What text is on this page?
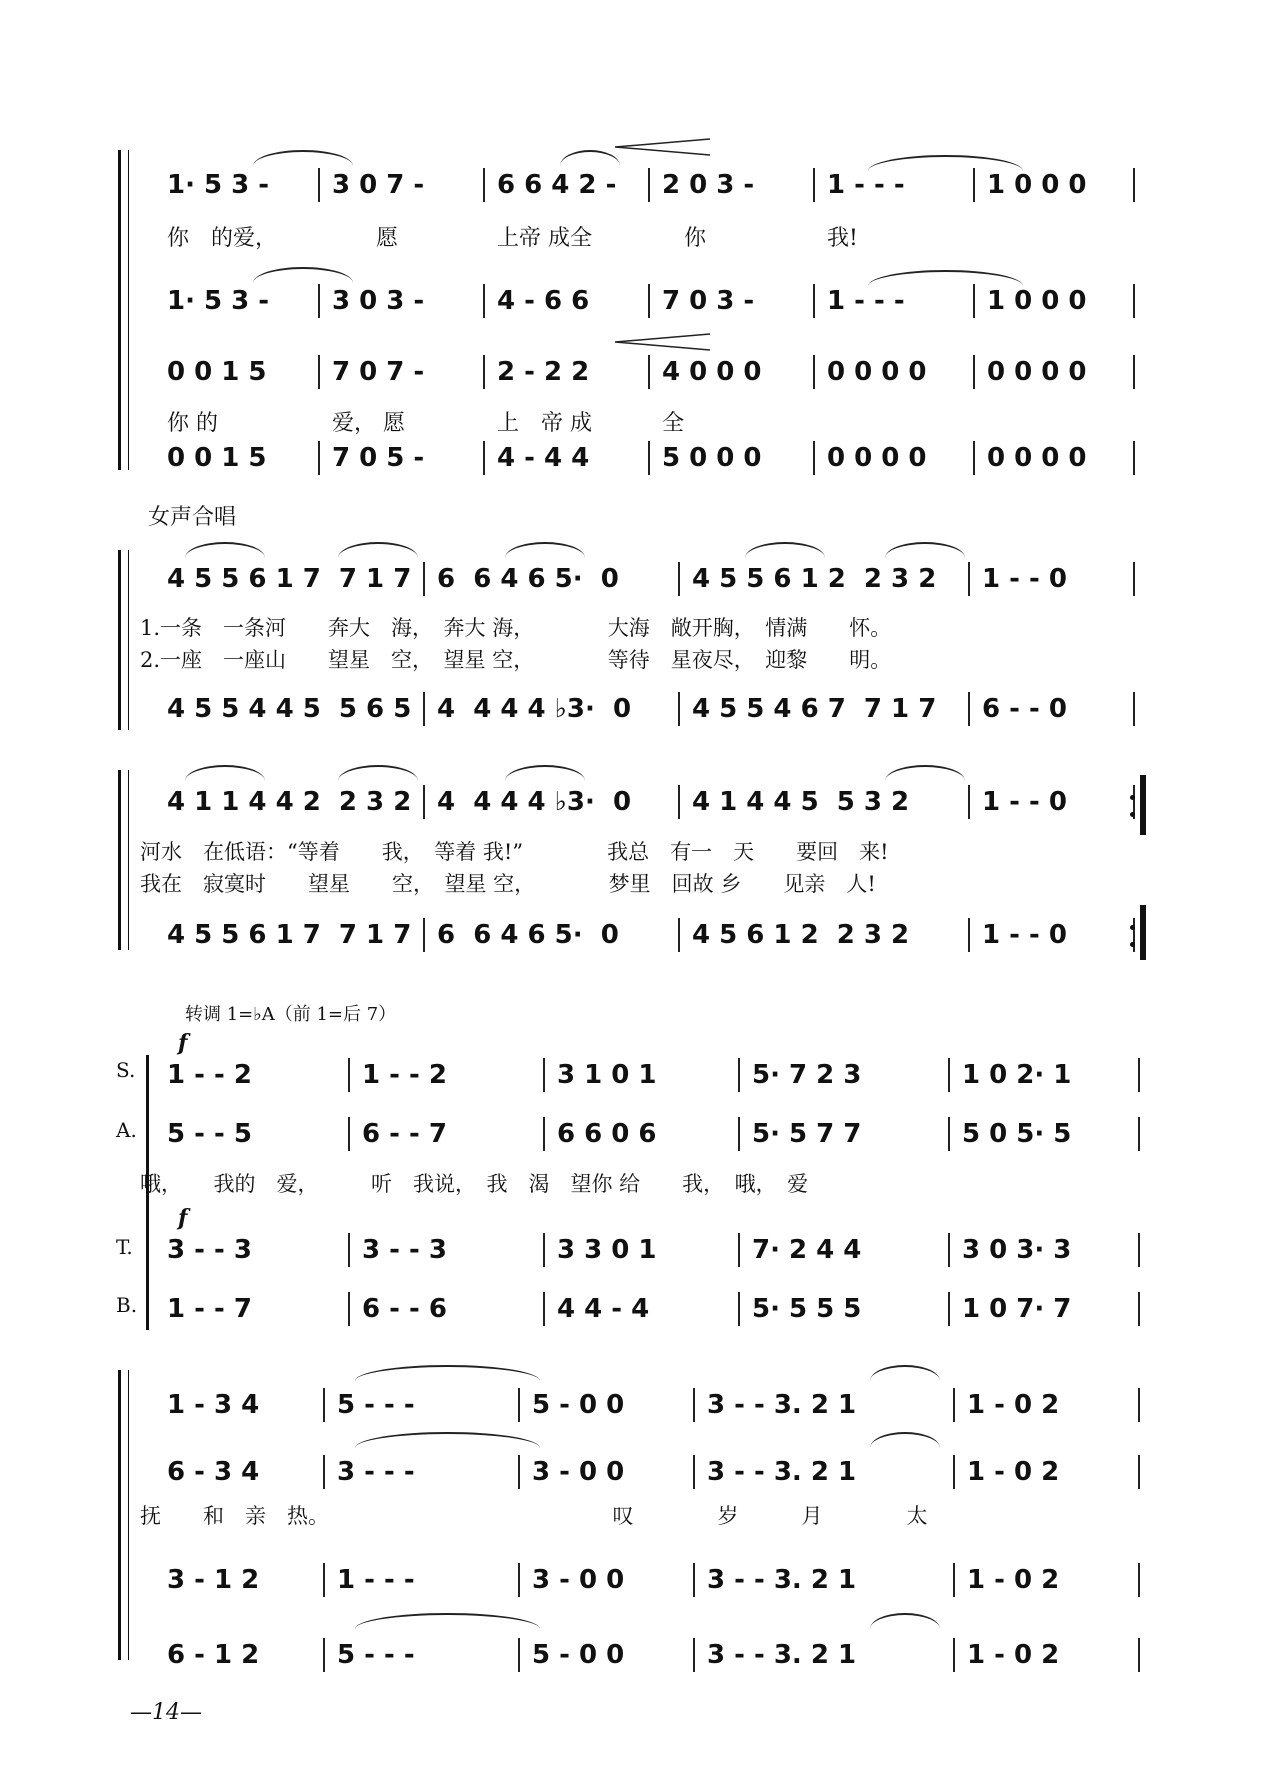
1· 5 3 -	3 0 7 -	6 6 4 2 -	2 0 3 -	1 - - -	1 0 0 0
你　的爱，	　　愿	上帝 成全	　你	我!
1· 5 3 -	3 0 3 -	4 - 6 6	7 0 3 -	1 - - -	1 0 0 0
0 0 1 5	7 0 7 -	2 - 2 2	4 0 0 0	0 0 0 0	0 0 0 0
你 的	爱， 愿	上　帝 成	全
0 0 1 5	7 0 5 -	4 - 4 4	5 0 0 0	0 0 0 0	0 0 0 0
女声合唱
4 5 5 6 1 7  7 1 7 6  6 4 6 5·  0	4 5 5 6 1 2  2 3 2	1 - - 0
1.一条　一条河　　奔大　海，　奔大 海，　　　　大海　敞开胸，　情满　　怀。
2.一座　一座山　　望星　空，　望星 空，　　　　等待　星夜尽，　迎黎　　明。
4 5 5 4 4 5  5 6 5 4  4 4 4 ♭3·  0	4 5 5 4 6 7  7 1 7	6 - - 0
4 1 1 4 4 2  2 3 2 4  4 4 4 ♭3·  0	4 1 4 4 5  5 3 2	1 - - 0
河水　在低语：“等着　　我，　等着 我!”　　　　我总　有一　天　　要回　来!
我在　寂寞时　　望星　　空，　望星 空，　　　　梦里　回故 乡　　见亲　人!
4 5 5 6 1 7  7 1 7 6  6 4 6 5·  0	4 5 6 1 2  2 3 2	1 - - 0
转调 1=♭A（前 1=后 7）
f
f
S.
A.
T.
B.
1 - - 2	1 - - 2	3 1 0 1	5· 7 2 3	1 0 2· 1
5 - - 5	6 - - 7	6 6 0 6	5· 5 7 7	5 0 5· 5
哦，　　我的　爱，　　　听　我说，　我　渴　望你 给　　我，　哦，　爱
3 - - 3	3 - - 3	3 3 0 1	7· 2 4 4	3 0 3· 3
1 - - 7	6 - - 6	4 4 - 4	5· 5 5 5	1 0 7· 7
1 - 3 4	5 - - -	5 - 0 0	3 - - 3. 2 1	1 - 0 2
6 - 3 4	3 - - -	3 - 0 0	3 - - 3. 2 1	1 - 0 2
抚　　和　亲　热。　　　　　　　　　　　　　　叹　　　　岁　　　月　　　　太
3 - 1 2	1 - - -	3 - 0 0	3 - - 3. 2 1	1 - 0 2
6 - 1 2	5 - - -	5 - 0 0	3 - - 3. 2 1	1 - 0 2
—14—
